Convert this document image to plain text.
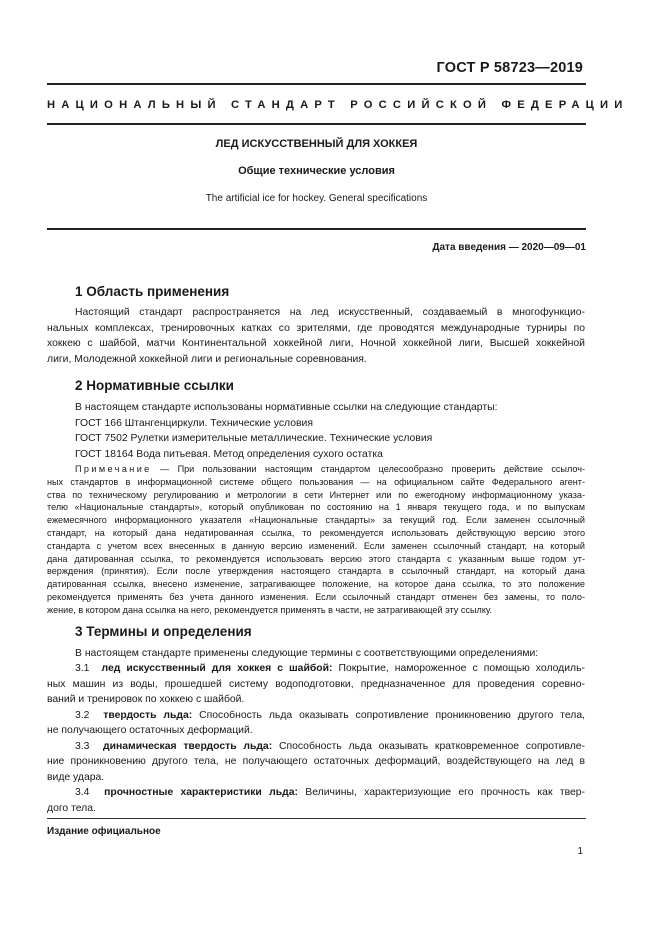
ГОСТ Р 58723—2019
НАЦИОНАЛЬНЫЙ СТАНДАРТ РОССИЙСКОЙ ФЕДЕРАЦИИ
ЛЕД ИСКУССТВЕННЫЙ ДЛЯ ХОККЕЯ
Общие технические условия
The artificial ice for hockey. General specifications
Дата введения — 2020—09—01
1 Область применения
Настоящий стандарт распространяется на лед искусственный, создаваемый в многофункцио-
нальных комплексах, тренировочных катках со зрителями, где проводятся международные турниры по
хоккею с шайбой, матчи Континентальной хоккейной лиги, Ночной хоккейной лиги, Высшей хоккейной
лиги, Молодежной хоккейной лиги и региональные соревнования.
2 Нормативные ссылки
В настоящем стандарте использованы нормативные ссылки на следующие стандарты:
ГОСТ 166 Штангенциркули. Технические условия
ГОСТ 7502 Рулетки измерительные металлические. Технические условия
ГОСТ 18164 Вода питьевая. Метод определения сухого остатка
Примечание — При пользовании настоящим стандартом целесообразно проверить действие ссылоч-
ных стандартов в информационной системе общего пользования — на официальном сайте Федерального агент-
ства по техническому регулированию и метрологии в сети Интернет или по ежегодному информационному указа-
телю «Национальные стандарты», который опубликован по состоянию на 1 января текущего года, и по выпускам
ежемесячного информационного указателя «Национальные стандарты» за текущий год. Если заменен ссылочный
стандарт, на который дана недатированная ссылка, то рекомендуется использовать действующую версию этого
стандарта с учетом всех внесенных в данную версию изменений. Если заменен ссылочный стандарт, на который
дана датированная ссылка, то рекомендуется использовать версию этого стандарта с указанным выше годом ут-
верждения (принятия). Если после утверждения настоящего стандарта в ссылочный стандарт, на который дана
датированная ссылка, внесено изменение, затрагивающее положение, на которое дана ссылка, то это положение
рекомендуется применять без учета данного изменения. Если ссылочный стандарт отменен без замены, то поло-
жение, в котором дана ссылка на него, рекомендуется применять в части, не затрагивающей эту ссылку.
3 Термины и определения
В настоящем стандарте применены следующие термины с соответствующими определениями:
3.1 лед искусственный для хоккея с шайбой: Покрытие, намороженное с помощью холодиль-
ных машин из воды, прошедшей систему водоподготовки, предназначенное для проведения соревно-
ваний и тренировок по хоккею с шайбой.
3.2 твердость льда: Способность льда оказывать сопротивление проникновению другого тела,
не получающего остаточных деформаций.
3.3 динамическая твердость льда: Способность льда оказывать кратковременное сопротивле-
ние проникновению другого тела, не получающего остаточных деформаций, воздействующего на лед в
виде удара.
3.4 прочностные характеристики льда: Величины, характеризующие его прочность как твер-
дого тела.
Издание официальное
1
